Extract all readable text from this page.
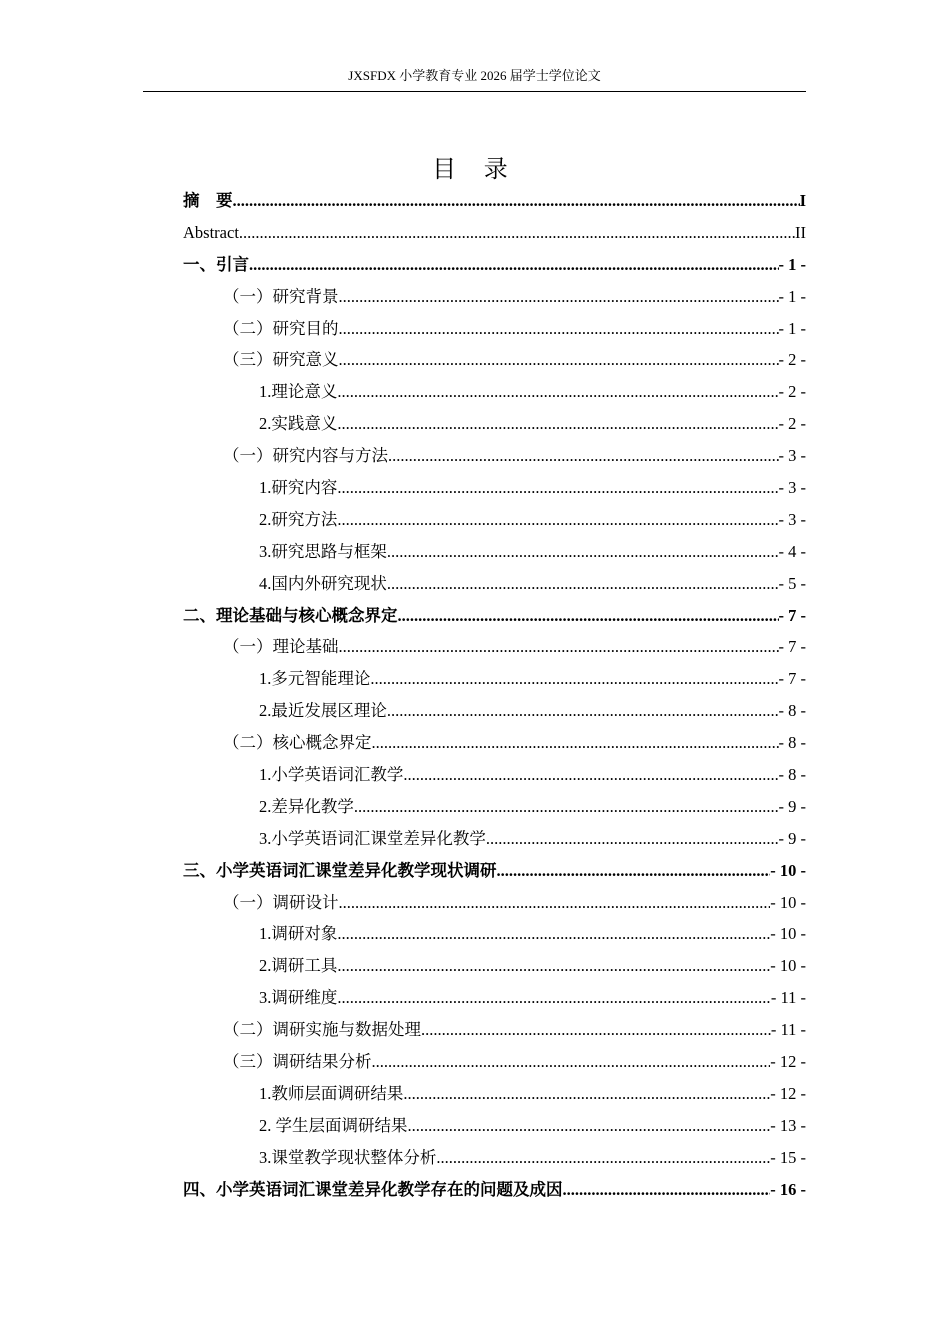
JXSFDX 小学教育专业 2026 届学士学位论文
目 录
摘　要 .....	I
Abstract .....	II
一、引言 .....	- 1 -
（一）研究背景 .....	- 1 -
（二）研究目的 .....	- 1 -
（三）研究意义 .....	- 2 -
1.理论意义 .....	- 2 -
2.实践意义 .....	- 2 -
（一）研究内容与方法 .....	- 3 -
1.研究内容 .....	- 3 -
2.研究方法 .....	- 3 -
3.研究思路与框架 .....	- 4 -
4.国内外研究现状 .....	- 5 -
二、理论基础与核心概念界定 .....	- 7 -
（一）理论基础 .....	- 7 -
1.多元智能理论 .....	- 7 -
2.最近发展区理论 .....	- 8 -
（二）核心概念界定 .....	- 8 -
1.小学英语词汇教学 .....	- 8 -
2.差异化教学 .....	- 9 -
3.小学英语词汇课堂差异化教学 .....	- 9 -
三、小学英语词汇课堂差异化教学现状调研 .....	- 10 -
（一）调研设计 .....	- 10 -
1.调研对象 .....	- 10 -
2.调研工具 .....	- 10 -
3.调研维度 .....	- 11 -
（二）调研实施与数据处理 .....	- 11 -
（三）调研结果分析 .....	- 12 -
1.教师层面调研结果 .....	- 12 -
2. 学生层面调研结果 .....	- 13 -
3.课堂教学现状整体分析 .....	- 15 -
四、小学英语词汇课堂差异化教学存在的问题及成因 .....	- 16 -
